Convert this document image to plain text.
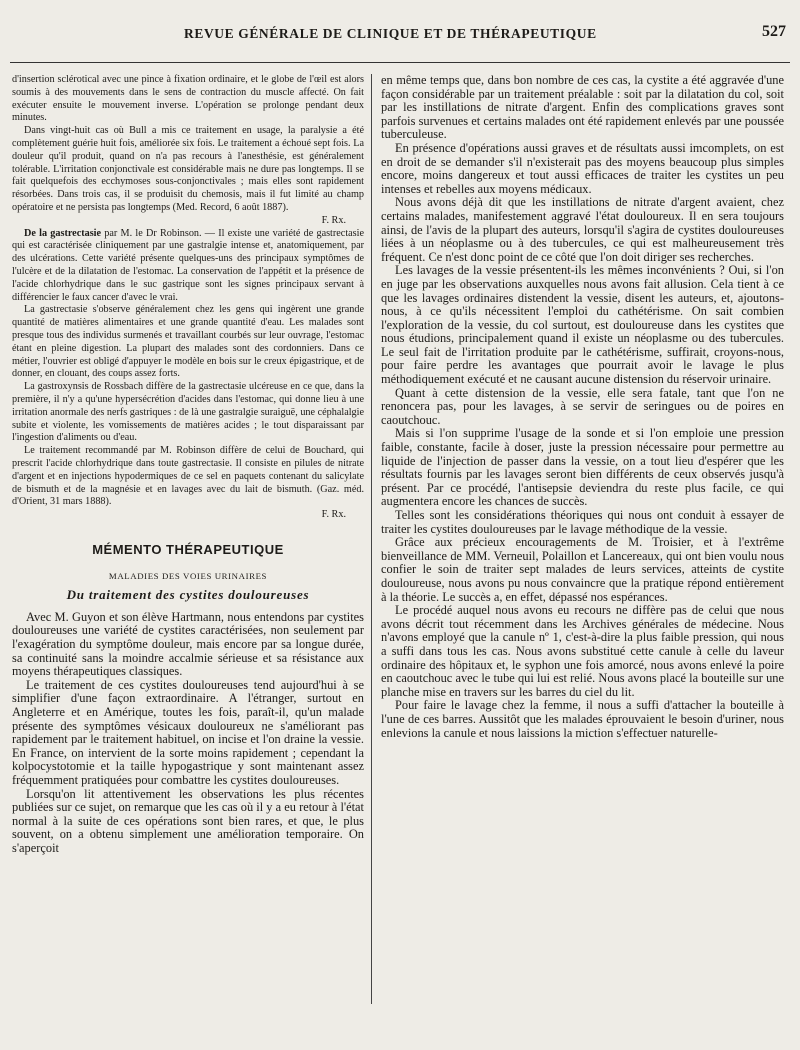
REVUE GÉNÉRALE DE CLINIQUE ET DE THÉRAPEUTIQUE	527

d'insertion sclérotical avec une pince à fixation ordinaire, et le globe de l'œil est alors soumis à des mouvements dans le sens de contraction du muscle affecté. On fait exécuter ensuite le mouvement inverse. L'opération se prolonge pendant deux minutes.

Dans vingt-huit cas où Bull a mis ce traitement en usage, la paralysie a été complètement guérie huit fois, améliorée six fois. Le traitement a échoué sept fois. La douleur qu'il produit, quand on n'a pas recours à l'anesthésie, est généralement tolérable. L'irritation conjonctivale est considérable mais ne dure pas longtemps. Il se fait quelquefois des ecchymoses sous-conjonctivales ; mais elles sont rapidement résorbées. Dans trois cas, il se produisit du chemosis, mais il fut limité au champ opératoire et ne persista pas longtemps (Med. Record, 6 août 1887).

F. Rx.

De la gastrectasie par M. le Dr Robinson. — Il existe une variété de gastrectasie qui est caractérisée cliniquement par une gastralgie intense et, anatomiquement, par des ulcérations. Cette variété présente quelques-uns des principaux symptômes de l'ulcère et de la dilatation de l'estomac. La conservation de l'appétit et la présence de l'acide chlorhydrique dans le suc gastrique sont les signes principaux servant à différencier le faux cancer d'avec le vrai.

La gastrectasie s'observe généralement chez les gens qui ingèrent une grande quantité de matières alimentaires et une grande quantité d'eau. Les malades sont presque tous des individus surmenés et travaillant courbés sur leur ouvrage, l'estomac étant en pleine digestion. La plupart des malades sont des cordonniers. Dans ce métier, l'ouvrier est obligé d'appuyer le modèle en bois sur le creux épigastrique, et de donner, en clouant, des coups assez forts.

La gastroxynsis de Rossbach diffère de la gastrectasie ulcéreuse en ce que, dans la première, il n'y a qu'une hypersécrétion d'acides dans l'estomac, qui donne lieu à une irritation anormale des nerfs gastriques : de là une gastralgie suraiguë, une céphalalgie subite et violente, les vomissements de matières acides ; le tout disparaissant par l'ingestion d'aliments ou d'eau.

Le traitement recommandé par M. Robinson diffère de celui de Bouchard, qui prescrit l'acide chlorhydrique dans toute gastrectasie. Il consiste en pilules de nitrate d'argent et en injections hypodermiques de ce sel en paquets contenant du salicylate de bismuth et de la magnésie et en lavages avec du lait de bismuth. (Gaz. méd. d'Orient, 31 mars 1888).

F. Rx.

MÉMENTO THÉRAPEUTIQUE
MALADIES DES VOIES URINAIRES
Du traitement des cystites douloureuses

Avec M. Guyon et son élève Hartmann, nous entendons par cystites douloureuses une variété de cystites caractérisées, non seulement par l'exagération du symptôme douleur, mais encore par sa longue durée, sa continuité sans la moindre accalmie sérieuse et sa résistance aux moyens thérapeutiques classiques.

Le traitement de ces cystites douloureuses tend aujourd'hui à se simplifier d'une façon extraordinaire. A l'étranger, surtout en Angleterre et en Amérique, toutes les fois, paraît-il, qu'un malade présente des symptômes vésicaux douloureux ne s'améliorant pas rapidement par le traitement habituel, on incise et l'on draine la vessie. En France, on intervient de la sorte moins rapidement ; cependant la kolpocystotomie et la taille hypogastrique y sont maintenant assez fréquemment pratiquées pour combattre les cystites douloureuses.

Lorsqu'on lit attentivement les observations les plus récentes publiées sur ce sujet, on remarque que les cas où il y a eu retour à l'état normal à la suite de ces opérations sont bien rares, et que, le plus souvent, on a obtenu simplement une amélioration temporaire. On s'aperçoit

en même temps que, dans bon nombre de ces cas, la cystite a été aggravée d'une façon considérable par un traitement préalable : soit par la dilatation du col, soit par les instillations de nitrate d'argent. Enfin des complications graves sont parfois survenues et certains malades ont été rapidement enlevés par une poussée tuberculeuse.

En présence d'opérations aussi graves et de résultats aussi imcomplets, on est en droit de se demander s'il n'existerait pas des moyens beaucoup plus simples encore, moins dangereux et tout aussi efficaces de traiter les cystites un peu intenses et rebelles aux moyens médicaux.

Nous avons déjà dit que les instillations de nitrate d'argent avaient, chez certains malades, manifestement aggravé l'état douloureux. Il en sera toujours ainsi, de l'avis de la plupart des auteurs, lorsqu'il s'agira de cystites douloureuses liées à un néoplasme ou à des tubercules, ce qui est malheureusement très fréquent. Ce n'est donc point de ce côté que l'on doit diriger ses recherches.

Les lavages de la vessie présentent-ils les mêmes inconvénients ? Oui, si l'on en juge par les observations auxquelles nous avons fait allusion. Cela tient à ce que les lavages ordinaires distendent la vessie, disent les auteurs, et, ajoutons-nous, à ce qu'ils nécessitent l'emploi du cathétérisme. On sait combien l'exploration de la vessie, du col surtout, est douloureuse dans les cystites que nous étudions, principalement quand il existe un néoplasme ou des tubercules. Le seul fait de l'irritation produite par le cathétérisme, suffirait, croyons-nous, pour faire perdre les avantages que pourrait avoir le lavage le plus méthodiquement exécuté et ne causant aucune distension du réservoir urinaire.

Quant à cette distension de la vessie, elle sera fatale, tant que l'on ne renoncera pas, pour les lavages, à se servir de seringues ou de poires en caoutchouc.

Mais si l'on supprime l'usage de la sonde et si l'on emploie une pression faible, constante, facile à doser, juste la pression nécessaire pour permettre au liquide de l'injection de passer dans la vessie, on a tout lieu d'espérer que les résultats fournis par les lavages seront bien différents de ceux observés jusqu'à présent. Par ce procédé, l'antisepsie deviendra du reste plus facile, ce qui augmentera encore les chances de succès.

Telles sont les considérations théoriques qui nous ont conduit à essayer de traiter les cystites douloureuses par le lavage méthodique de la vessie.

Grâce aux précieux encouragements de M. Troisier, et à l'extrême bienveillance de MM. Verneuil, Polaillon et Lancereaux, qui ont bien voulu nous confier le soin de traiter sept malades de leurs services, atteints de cystite douloureuse, nous avons pu nous convaincre que la pratique répond entièrement à la théorie. Le succès a, en effet, dépassé nos espérances.

Le procédé auquel nous avons eu recours ne diffère pas de celui que nous avons décrit tout récemment dans les Archives générales de médecine. Nous n'avons employé que la canule nº 1, c'est-à-dire la plus faible pression, qui nous a suffi dans tous les cas. Nous avons substitué cette canule à celle du laveur ordinaire des hôpitaux et, le syphon une fois amorcé, nous avons enlevé la poire en caoutchouc avec le tube qui lui est relié. Nous avons placé la bouteille sur une planche mise en travers sur les barres du ciel du lit.

Pour faire le lavage chez la femme, il nous a suffi d'attacher la bouteille à l'une de ces barres. Aussitôt que les malades éprouvaient le besoin d'uriner, nous enlevions la canule et nous laissions la miction s'effectuer naturelle-
